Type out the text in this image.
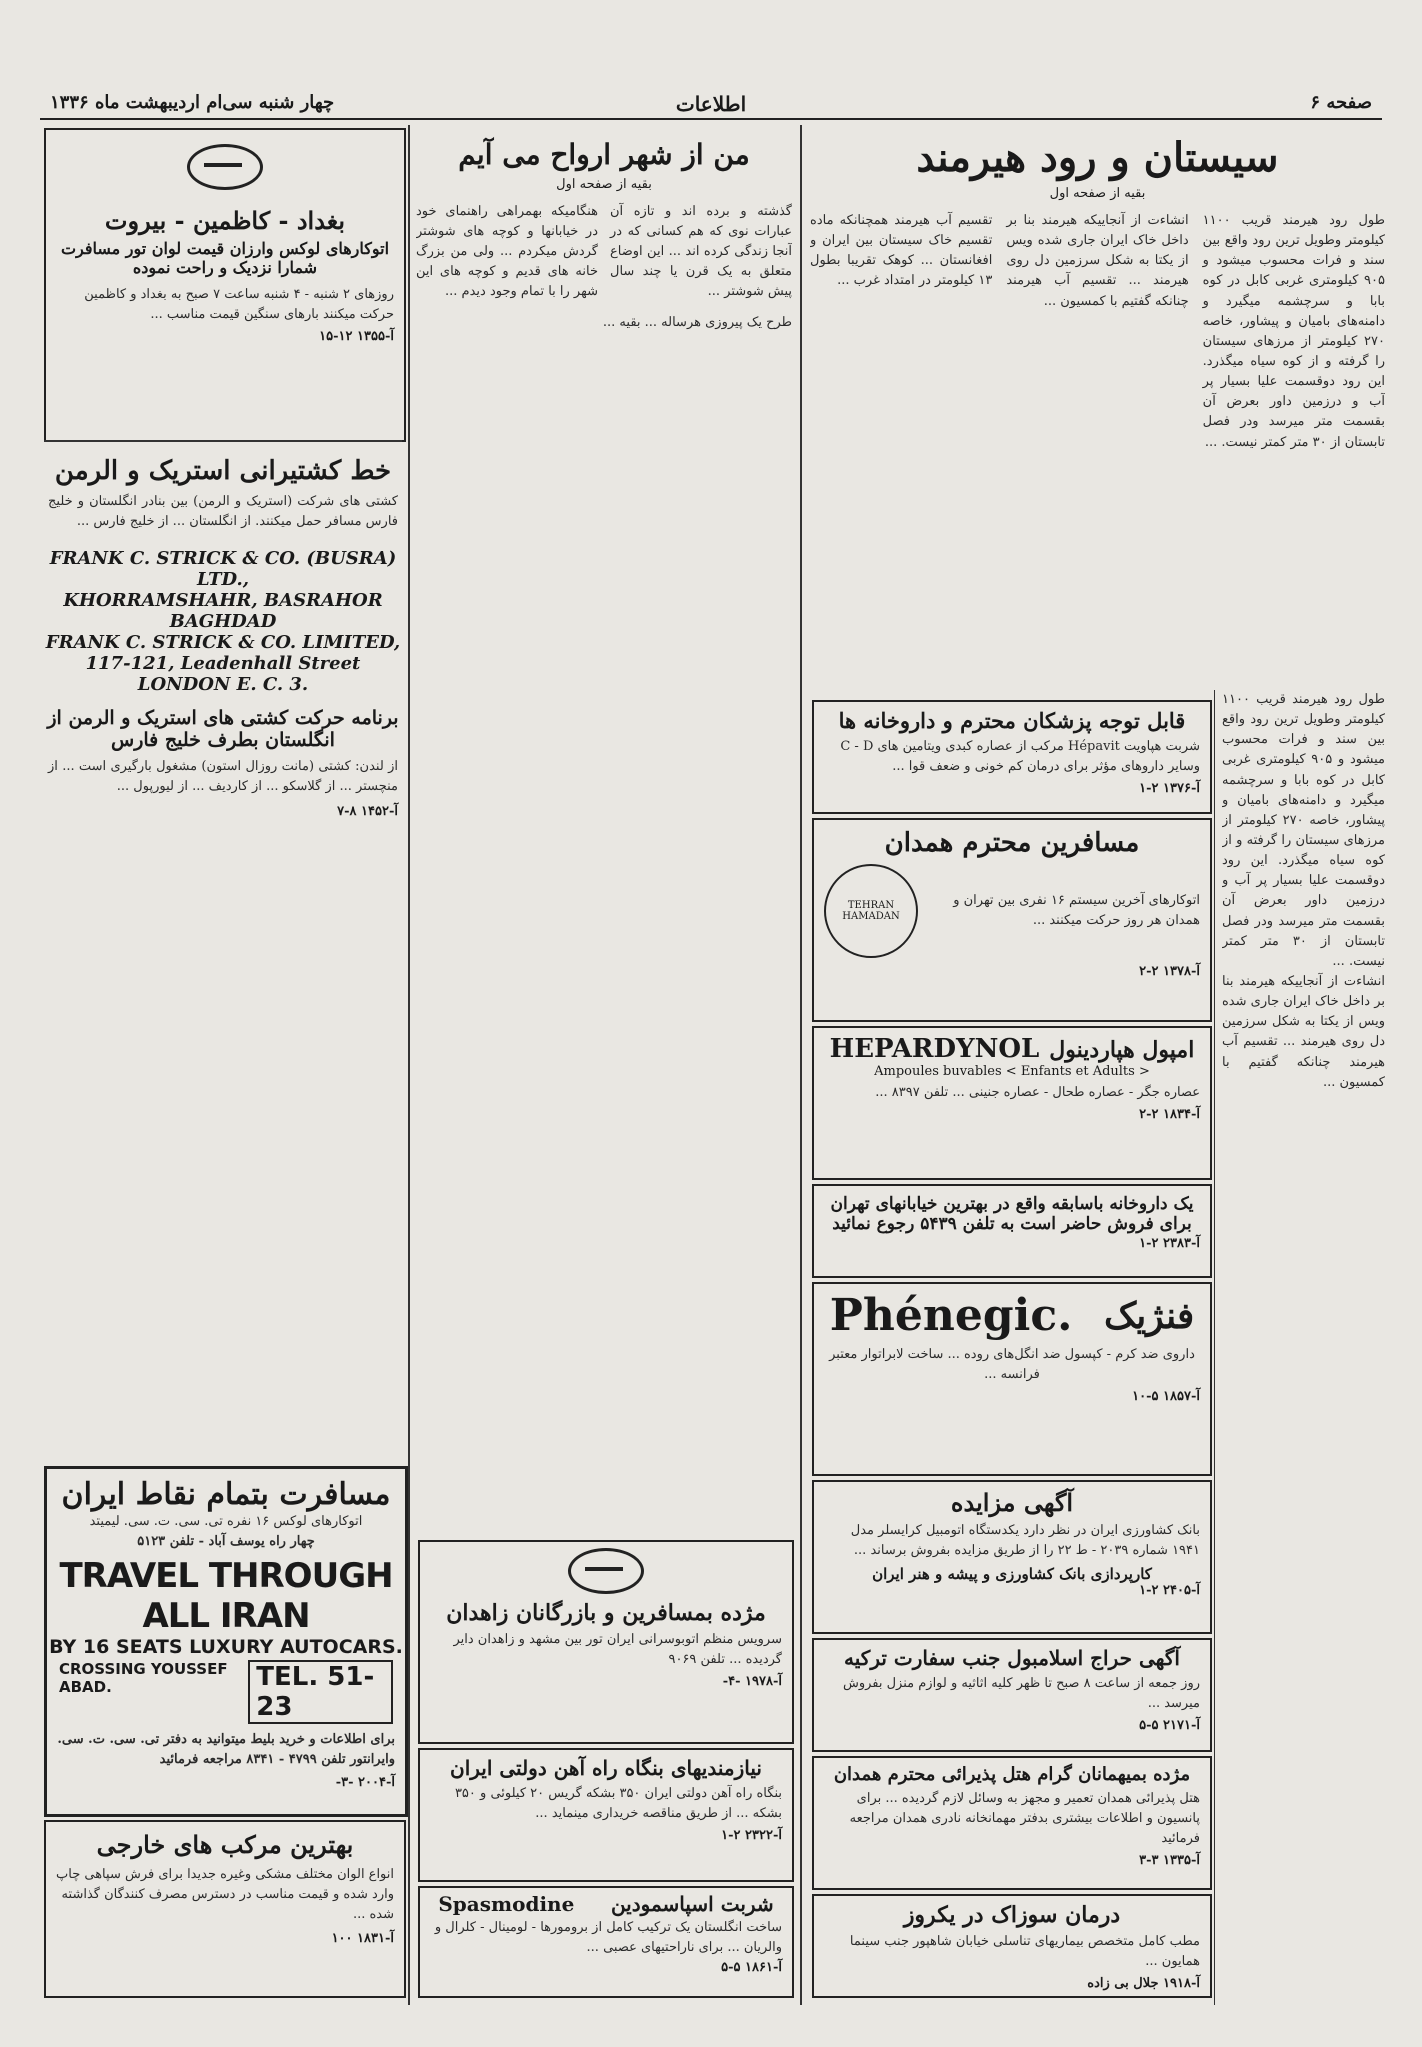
صفحه ۶
اطلاعات
چهار شنبه سی‌ام اردیبهشت ماه ۱۳۳۶
سیستان و رود هیرمند
بقیه از صفحه اول
طول رود هیرمند قریب ۱۱۰۰ کیلومتر وطویل ترین رود واقع بین سند و فرات محسوب میشود و ۹۰۵ کیلومتری غربی کابل در کوه بابا و سرچشمه میگیرد و دامنه‌های بامیان و پیشاور، خاصه ۲۷۰ کیلومتر از مرزهای سیستان را گرفته و از کوه سیاه میگذرد. این رود دوقسمت علیا بسیار پر آب و درزمین داور بعرض آن بقسمت متر میرسد ودر فصل تابستان از ۳۰ متر کمتر نیست. ...
انشاءت از آنجاییکه هیرمند بنا بر داخل خاک ایران جاری شده ویس از یکتا به شکل سرزمین دل روی هیرمند ... تقسیم آب هیرمند چنانکه گفتیم با کمسیون ...
تقسیم آب هیرمند همچنانکه ماده تقسیم خاک سیستان بین ایران و افغانستان ... کوهک تقریبا بطول ۱۳ کیلومتر در امتداد غرب ...
طول رود هیرمند قریب ۱۱۰۰ کیلومتر وطویل ترین رود واقع بین سند و فرات محسوب میشود و ۹۰۵ کیلومتری غربی کابل در کوه بابا و سرچشمه میگیرد و دامنه‌های بامیان و پیشاور، خاصه ۲۷۰ کیلومتر از مرزهای سیستان را گرفته و از کوه سیاه میگذرد. این رود دوقسمت علیا بسیار پر آب و درزمین داور بعرض آن بقسمت متر میرسد ودر فصل تابستان از ۳۰ متر کمتر نیست. ...
انشاءت از آنجاییکه هیرمند بنا بر داخل خاک ایران جاری شده ویس از یکتا به شکل سرزمین دل روی هیرمند ... تقسیم آب هیرمند چنانکه گفتیم با کمسیون ...
قابل توجه پزشکان محترم و داروخانه ها
شربت هپاویت Hépavit مرکب از عصاره کبدی ویتامین های C - D وسایر داروهای مؤثر برای درمان کم خونی و ضعف قوا ...
آ-۱۳۷۶ ۲-۱
مسافرین محترم همدان
اتوکارهای آخرین سیستم ۱۶ نفری بین تهران و همدان هر روز حرکت میکنند ...
TEHRAN HAMADAN
آ-۱۳۷۸ ۲-۲
امپول هپاردینول
HEPARDYNOL
Ampoules buvables < Enfants et Adults >
عصاره جگر - عصاره طحال - عصاره جنینی ... تلفن ۸۳۹۷ ...
آ-۱۸۳۴ ۲-۲
یک داروخانه باسابقه واقع در بهترین خیابانهای تهران برای فروش حاضر است به تلفن ۵۴۳۹ رجوع نمائید
آ-۲۳۸۳ ۲-۱
فنژیک
Phénegic.
داروی ضد کرم - کپسول ضد انگل‌های روده ... ساخت لابراتوار معتبر فرانسه ...
آ-۱۸۵۷ ۵-۱۰
آگهی مزایده
بانک کشاورزی ایران در نظر دارد یکدستگاه اتومبیل کرایسلر مدل ۱۹۴۱ شماره ۲۰۳۹ - ط ۲۲ را از طریق مزایده بفروش برساند ...
کارپردازی بانک کشاورزی و پیشه و هنر ایران
آ-۲۴۰۵ ۲-۱
آگهی حراج اسلامبول جنب سفارت ترکیه
روز جمعه از ساعت ۸ صبح تا ظهر کلیه اثاثیه و لوازم منزل بفروش میرسد ...
آ-۲۱۷۱ ۵-۵
مژده بمیهمانان گرام هتل پذیرائی محترم همدان
هتل پذیرائی همدان تعمیر و مجهز به وسائل لازم گردیده ... برای پانسیون و اطلاعات بیشتری بدفتر مهمانخانه نادری همدان مراجعه فرمائید
آ-۱۳۳۵ ۳-۳
درمان سوزاک در یکروز
مطب کامل متخصص بیماریهای تناسلی خیابان شاهپور جنب سینما همایون ...
آ-۱۹۱۸ جلال بی زاده
من از شهر ارواح می آیم
بقیه از صفحه اول
گذشته و برده اند و تازه آن عبارات نوی که هم کسانی که در آنجا زندگی کرده اند ... این اوضاع متعلق به یک قرن یا چند سال پیش شوشتر ...
هنگامیکه بهمراهی راهنمای خود در خیابانها و کوچه های شوشتر گردش میکردم ... ولی من بزرگ خانه های قدیم و کوچه های این شهر را با تمام وجود دیدم ...
طرح یک پیروزی هرساله ... بقیه ...
مژده بمسافرین و بازرگانان زاهدان
سرویس منظم اتوبوسرانی ایران تور بین مشهد و زاهدان دایر گردیده ... تلفن ۹۰۶۹
آ-۱۹۷۸ -۴-
نیازمندیهای بنگاه راه آهن دولتی ایران
بنگاه راه آهن دولتی ایران ۳۵۰ بشکه گریس ۲۰ کیلوئی و ۳۵۰ بشکه ... از طریق مناقصه خریداری مینماید ...
آ-۲۳۲۲ ۲-۱
شربت اسپاسمودین
Spasmodine
ساخت انگلستان یک ترکیب کامل از برومورها - لومینال - کلرال و والریان ... برای ناراحتیهای عصبی ...
آ-۱۸۶۱ ۵-۵
بغداد - کاظمین - بیروت
اتوکارهای لوکس وارزان قیمت لوان تور مسافرت شمارا نزدیک و راحت نموده
روزهای ۲ شنبه - ۴ شنبه ساعت ۷ صبح به بغداد و کاظمین حرکت میکنند بارهای سنگین قیمت مناسب ...
آ-۱۳۵۵ ۱۲-۱۵
خط کشتیرانی استریک و الرمن
کشتی های شرکت (استریک و الرمن) بین بنادر انگلستان و خلیج فارس مسافر حمل میکنند. از انگلستان ... از خلیج فارس ...
FRANK C. STRICK & CO. (BUSRA) LTD.,
KHORRAMSHAHR, BASRAHOR BAGHDAD
FRANK C. STRICK & CO. LIMITED,
117-121, Leadenhall Street
LONDON E. C. 3.
برنامه حرکت کشتی های استریک و الرمن از انگلستان بطرف خلیج فارس
از لندن: کشتی (مانت روزال استون) مشغول بارگیری است ... از منچستر ... از گلاسکو ... از کاردیف ... از لیورپول ...
آ-۱۴۵۲ ۸-۷
مسافرت بتمام نقاط ایران
اتوکارهای لوکس ۱۶ نفره تی. سی. ت. سی. لیمیتد
چهار راه یوسف آباد - تلفن ۵۱۲۳
TRAVEL THROUGH ALL IRAN
BY 16 SEATS LUXURY AUTOCARS.
CROSSING YOUSSEF ABAD.	TEL. 51-23
برای اطلاعات و خرید بلیط میتوانید به دفتر تی. سی. ت. سی. وایرانتور تلفن ۴۷۹۹ - ۸۳۴۱ مراجعه فرمائید
آ-۲۰۰۴ -۳-
بهترین مرکب های خارجی
انواع الوان مختلف مشکی وغیره جدیدا برای فرش سپاهی چاپ وارد شده و قیمت مناسب در دسترس مصرف کنندگان گذاشته شده ...
آ-۱۸۳۱ ۱۰۰
